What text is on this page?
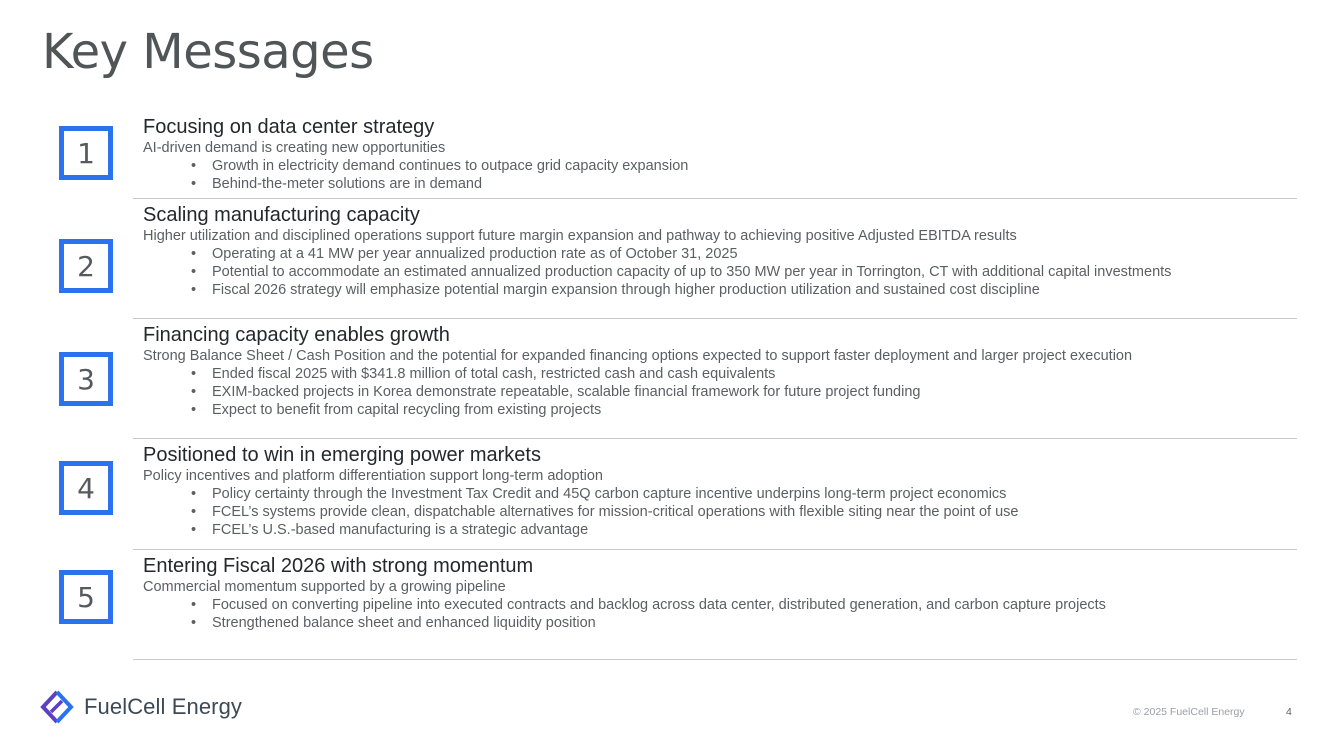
Key Messages
1

Focusing on data center strategy

AI-driven demand is creating new opportunities

• Growth in electricity demand continues to outpace grid capacity expansion
• Behind-the-meter solutions are in demand
2

Scaling manufacturing capacity

Higher utilization and disciplined operations support future margin expansion and pathway to achieving positive Adjusted EBITDA results

• Operating at a 41 MW per year annualized production rate as of October 31, 2025
• Potential to accommodate an estimated annualized production capacity of up to 350 MW per year in Torrington, CT with additional capital investments
• Fiscal 2026 strategy will emphasize potential margin expansion through higher production utilization and sustained cost discipline
3

Financing capacity enables growth

Strong Balance Sheet / Cash Position and the potential for expanded financing options expected to support faster deployment and larger project execution

• Ended fiscal 2025 with $341.8 million of total cash, restricted cash and cash equivalents
• EXIM-backed projects in Korea demonstrate repeatable, scalable financial framework for future project funding
• Expect to benefit from capital recycling from existing projects
4

Positioned to win in emerging power markets

Policy incentives and platform differentiation support long-term adoption

• Policy certainty through the Investment Tax Credit and 45Q carbon capture incentive underpins long-term project economics
• FCEL’s systems provide clean, dispatchable alternatives for mission-critical operations with flexible siting near the point of use
• FCEL’s U.S.-based manufacturing is a strategic advantage
5

Entering Fiscal 2026 with strong momentum

Commercial momentum supported by a growing pipeline

• Focused on converting pipeline into executed contracts and backlog across data center, distributed generation, and carbon capture projects
• Strengthened balance sheet and enhanced liquidity position
FuelCell Energy	© 2025 FuelCell Energy	4
